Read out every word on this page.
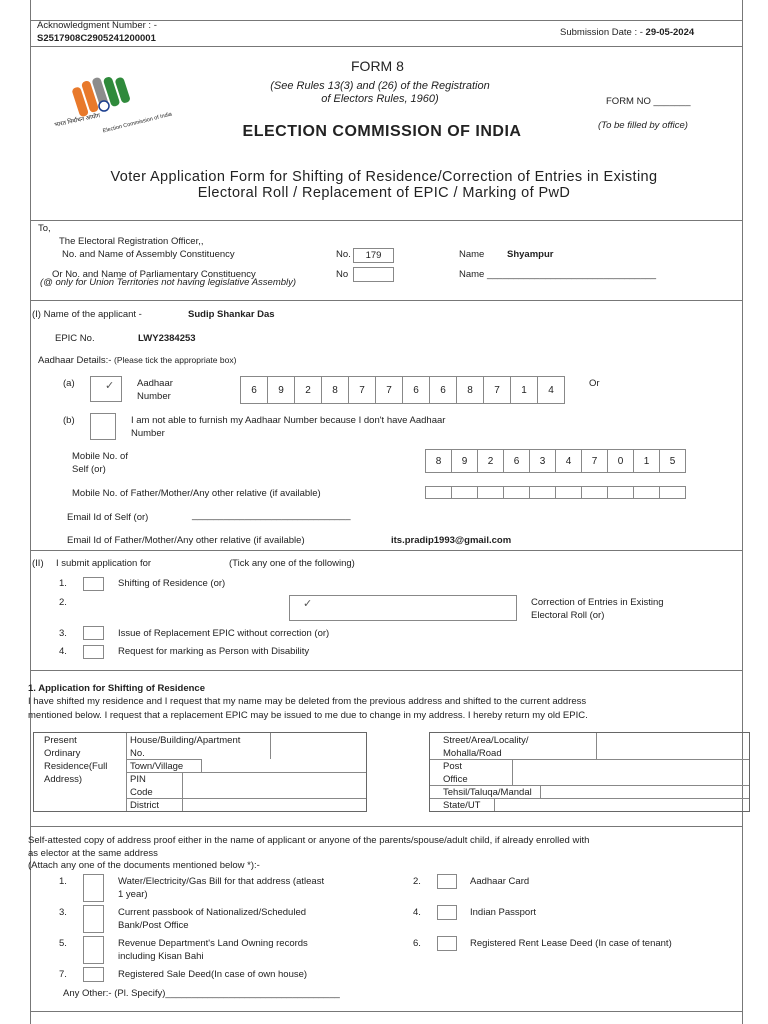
Acknowledgment Number : -
S2517908C2905241200001
Submission Date : - 29-05-2024
भारत निर्वाचन आयोग Election Commission of India
FORM 8
(See Rules 13(3) and (26) of the Registration of Electors Rules, 1960)	FORM NO _______
(To be filled by office)
ELECTION COMMISSION OF INDIA
Voter Application Form for Shifting of Residence/Correction of Entries in Existing Electoral Roll / Replacement of EPIC / Marking of PwD
To,
The Electoral Registration Officer,,
No. and Name of Assembly Constituency	No.	179	Name Shyampur
Or No. and Name of Parliamentary Constituency	No	Name ________________________________
(@ only for Union Territories not having legislative Assembly)
(I) Name of the applicant -	Sudip Shankar Das
EPIC No.	LWY2384253
Aadhaar Details:- (Please tick the appropriate box)
(a)	✓ Aadhaar
Number
6	9	2	8	7	7	6	6	8	7	1	4
Or
(b)	I am not able to furnish my Aadhaar Number because I don't have Aadhaar
Number
Mobile No. of
Self (or)
8	9	2	6	3	4	7	0	1	5
Mobile No. of Father/Mother/Any other relative (if available)
Email Id of Self (or)	______________________________
Email Id of Father/Mother/Any other relative (if available)	its.pradip1993@gmail.com
(II) I submit application for	(Tick any one of the following)
1.	Shifting of Residence (or)
2.	✓	Correction of Entries in Existing
Electoral Roll (or)
3.	Issue of Replacement EPIC without correction (or)
4.	Request for marking as Person with Disability
1. Application for Shifting of Residence
I have shifted my residence and I request that my name may be deleted from the previous address and shifted to the current address
mentioned below. I request that a replacement EPIC may be issued to me due to change in my address. I hereby return my old EPIC.
Present
Ordinary
Residence(Full
Address)
House/Building/Apartment
No.
Town/Village
PIN
Code
District
Street/Area/Locality/
Mohalla/Road
Post
Office
Tehsil/Taluqa/Mandal
State/UT
Self-attested copy of address proof either in the name of applicant or anyone of the parents/spouse/adult child, if already enrolled with
as elector at the same address
(Attach any one of the documents mentioned below *):-
1.	Water/Electricity/Gas Bill for that address (atleast
1 year)
2.	Aadhaar Card
3.	Current passbook of Nationalized/Scheduled
Bank/Post Office
4.	Indian Passport
5.	Revenue Department's Land Owning records
including Kisan Bahi
6.	Registered Rent Lease Deed (In case of tenant)
7.	Registered Sale Deed(In case of own house)
Any Other:- (Pl. Specify)_________________________________
